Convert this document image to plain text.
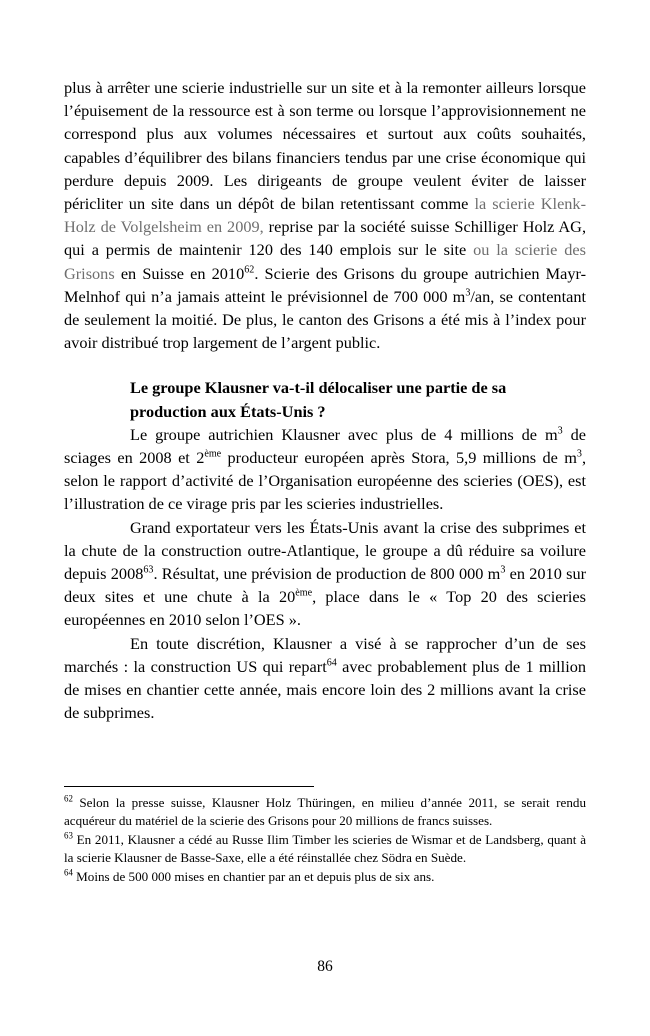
plus à arrêter une scierie industrielle sur un site et à la remonter ailleurs lorsque l’épuisement de la ressource est à son terme ou lorsque l’approvisionnement ne correspond plus aux volumes nécessaires et surtout aux coûts souhaités, capables d’équilibrer des bilans financiers tendus par une crise économique qui perdure depuis 2009. Les dirigeants de groupe veulent éviter de laisser péricliter un site dans un dépôt de bilan retentissant comme la scierie Klenk-Holz de Volgelsheim en 2009, reprise par la société suisse Schilliger Holz AG, qui a permis de maintenir 120 des 140 emplois sur le site ou la scierie des Grisons en Suisse en 2010$^{62}$. Scierie des Grisons du groupe autrichien Mayr-Melnhof qui n’a jamais atteint le prévisionnel de 700 000 $m^3/an$, se contentant de seulement la moitié. De plus, le canton des Grisons a été mis à l’index pour avoir distribué trop largement de l’argent public.

Le groupe Klausner va-t-il délocaliser une partie de sa

production aux États-Unis ?

Le groupe autrichien Klausner avec plus de 4 millions de $m^3$ de sciages en 2008 et 2ème producteur européen après Stora, 5,9 millions de $m^3$, selon le rapport d’activité de l’Organisation européenne des scieries (OES), est l’illustration de ce virage pris par les scieries industrielles.

Grand exportateur vers les États-Unis avant la crise des subprimes et la chute de la construction outre-Atlantique, le groupe a dû réduire sa voilure depuis 2008$^{63}$. Résultat, une prévision de production de 800 000 $m^3$ en 2010 sur deux sites et une chute à la 20ème, place dans le « Top 20 des scieries européennes en 2010 selon l’OES ».

En toute discrétion, Klausner a visé à se rapprocher d’un de ses marchés : la construction US qui repart$^{64}$ avec probablement plus de 1 million de mises en chantier cette année, mais encore loin des 2 millions avant la crise de subprimes.

$^{62}$ Selon la presse suisse, Klausner Holz Thüringen, en milieu d’année 2011, se serait rendu acquéreur du matériel de la scierie des Grisons pour 20 millions de francs suisses.

$^{63}$ En 2011, Klausner a cédé au Russe Ilim Timber les scieries de Wismar et de Landsberg, quant à la scierie Klausner de Basse-Saxe, elle a été réinstallée chez Södra en Suède.

$^{64}$ Moins de 500 000 mises en chantier par an et depuis plus de six ans.

86
